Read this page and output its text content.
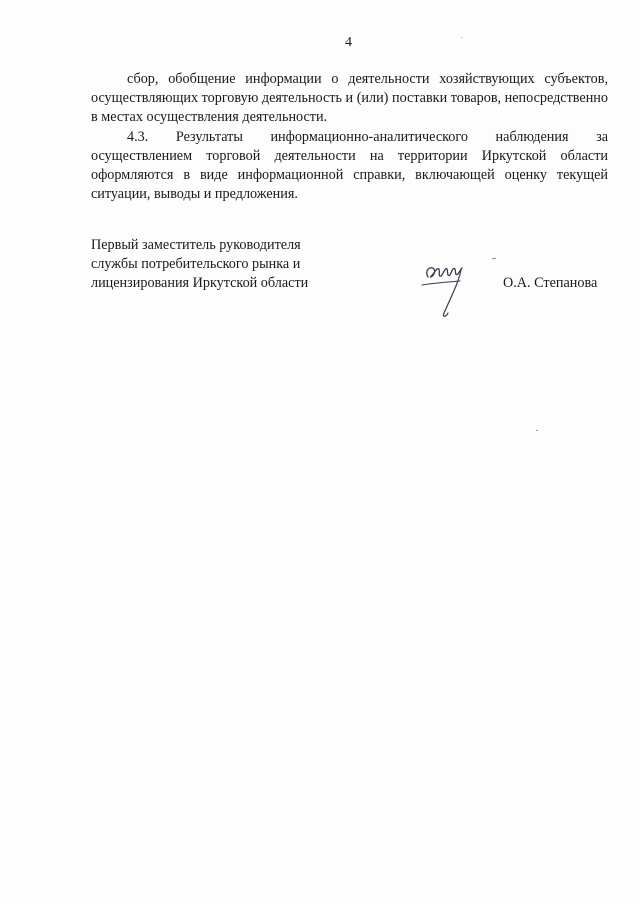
4

сбор, обобщение информации о деятельности хозяйствующих субъектов, осуществляющих торговую деятельность и (или) поставки товаров, непосредственно в местах осуществления деятельности.

4.3. Результаты информационно-аналитического наблюдения за осуществлением торговой деятельности на территории Иркутской области оформляются в виде информационной справки, включающей оценку текущей ситуации, выводы и предложения.

Первый заместитель руководителя
службы потребительского рынка и
лицензирования Иркутской области	О.А. Степанова
